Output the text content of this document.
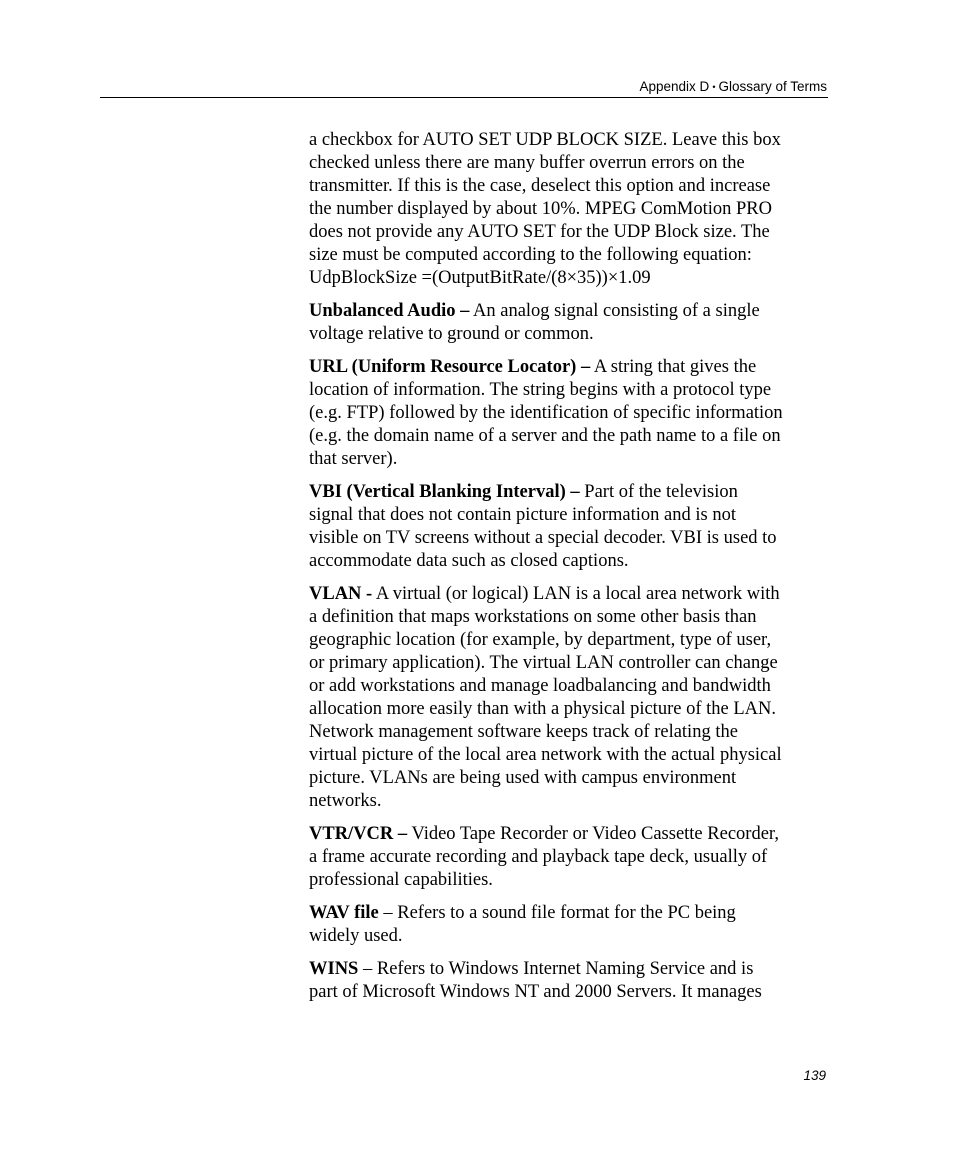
Appendix D • Glossary of Terms

a checkbox for AUTO SET UDP BLOCK SIZE. Leave this box
checked unless there are many buffer overrun errors on the
transmitter. If this is the case, deselect this option and increase
the number displayed by about 10%. MPEG ComMotion PRO
does not provide any AUTO SET for the UDP Block size. The
size must be computed according to the following equation:
UdpBlockSize =(OutputBitRate/(8×35))×1.09

Unbalanced Audio – An analog signal consisting of a single
voltage relative to ground or common.

URL (Uniform Resource Locator) – A string that gives the
location of information. The string begins with a protocol type
(e.g. FTP) followed by the identification of specific information
(e.g. the domain name of a server and the path name to a file on
that server).

VBI (Vertical Blanking Interval) – Part of the television
signal that does not contain picture information and is not
visible on TV screens without a special decoder. VBI is used to
accommodate data such as closed captions.

VLAN - A virtual (or logical) LAN is a local area network with
a definition that maps workstations on some other basis than
geographic location (for example, by department, type of user,
or primary application). The virtual LAN controller can change
or add workstations and manage loadbalancing and bandwidth
allocation more easily than with a physical picture of the LAN.
Network management software keeps track of relating the
virtual picture of the local area network with the actual physical
picture. VLANs are being used with campus environment
networks.

VTR/VCR – Video Tape Recorder or Video Cassette Recorder,
a frame accurate recording and playback tape deck, usually of
professional capabilities.

WAV file – Refers to a sound file format for the PC being
widely used.

WINS – Refers to Windows Internet Naming Service and is
part of Microsoft Windows NT and 2000 Servers. It manages

139
